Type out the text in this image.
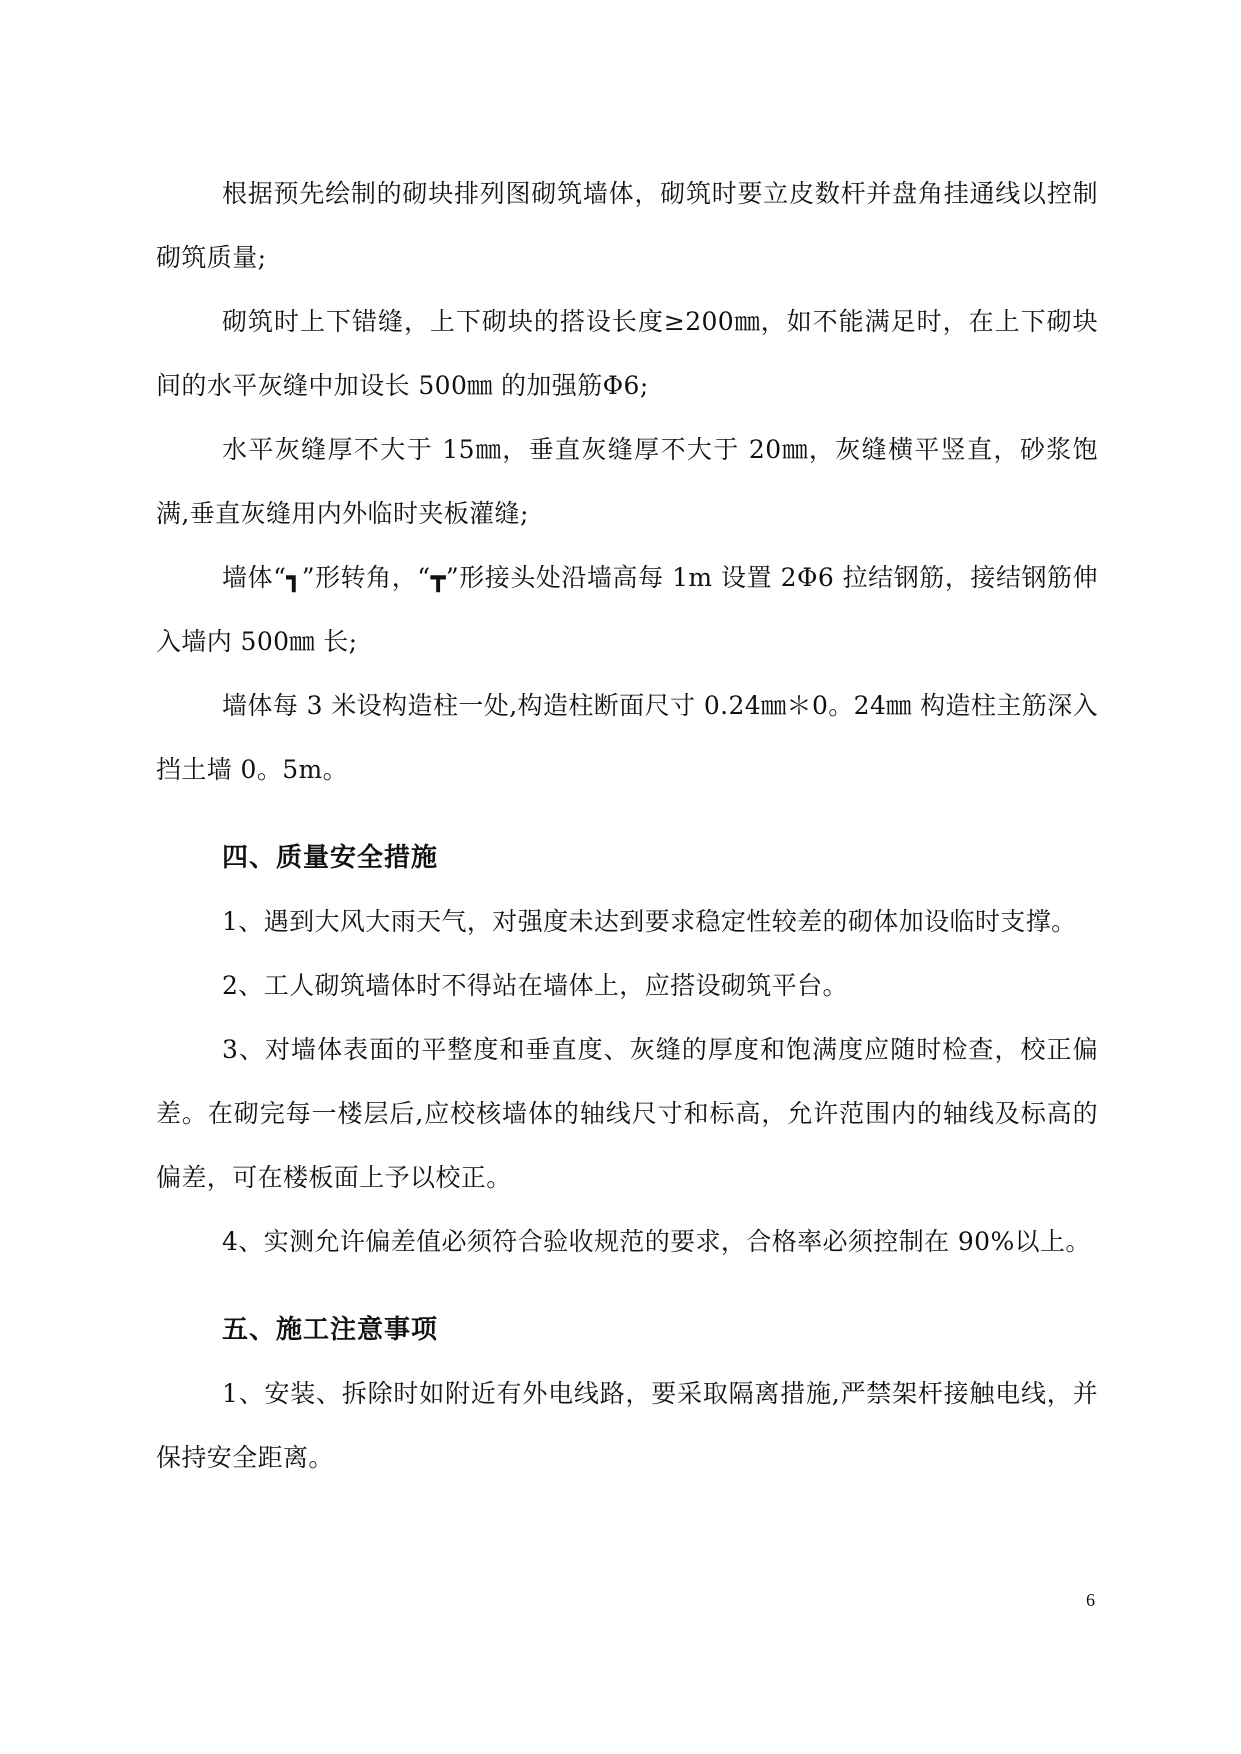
根据预先绘制的砌块排列图砌筑墙体，砌筑时要立皮数杆并盘角挂通线以控制砌筑质量;

砌筑时上下错缝，上下砌块的搭设长度≥200㎜，如不能满足时，在上下砌块间的水平灰缝中加设长 500㎜ 的加强筋Φ6;

水平灰缝厚不大于 15㎜，垂直灰缝厚不大于 20㎜，灰缝横平竖直，砂浆饱满,垂直灰缝用内外临时夹板灌缝;

墙体“┓”形转角，“┳”形接头处沿墙高每 1m 设置 2Φ6 拉结钢筋，接结钢筋伸入墙内 500㎜ 长;

墙体每 3 米设构造柱一处,构造柱断面尺寸 0.24㎜＊0。24㎜ 构造柱主筋深入挡土墙 0。5m。

四、质量安全措施

1、遇到大风大雨天气，对强度未达到要求稳定性较差的砌体加设临时支撑。

2、工人砌筑墙体时不得站在墙体上，应搭设砌筑平台。

3、对墙体表面的平整度和垂直度、灰缝的厚度和饱满度应随时检查，校正偏差。在砌完每一楼层后,应校核墙体的轴线尺寸和标高，允许范围内的轴线及标高的偏差，可在楼板面上予以校正。

4、实测允许偏差值必须符合验收规范的要求，合格率必须控制在 90%以上。

五、施工注意事项

1、安装、拆除时如附近有外电线路，要采取隔离措施,严禁架杆接触电线，并保持安全距离。

6
